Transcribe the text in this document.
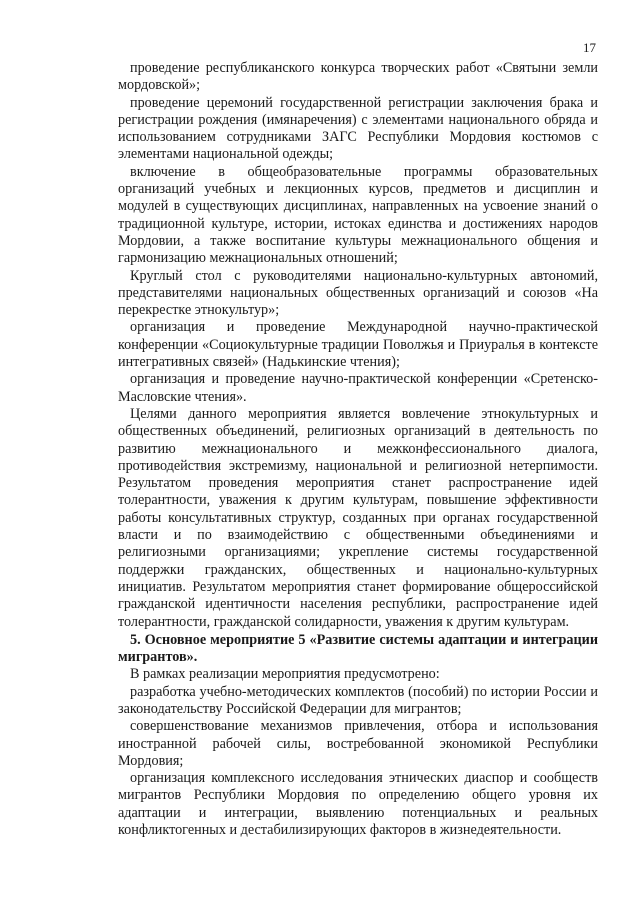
17

проведение республиканского конкурса творческих работ «Святыни земли мордовской»;

проведение церемоний государственной регистрации заключения брака и регистрации рождения (имянаречения) с элементами национального обряда и использованием сотрудниками ЗАГС Республики Мордовия костюмов с элементами национальной одежды;

включение в общеобразовательные программы образовательных организаций учебных и лекционных курсов, предметов и дисциплин и модулей в существующих дисциплинах, направленных на усвоение знаний о традиционной культуре, истории, истоках единства и достижениях народов Мордовии, а также воспитание культуры межнационального общения и гармонизацию межнациональных отношений;

Круглый стол с руководителями национально-культурных автономий, представителями национальных общественных организаций и союзов «На перекрестке этнокультур»;

организация и проведение Международной научно-практической конференции «Социокультурные традиции Поволжья и Приуралья в контексте интегративных связей» (Надькинские чтения);

организация и проведение научно-практической конференции «Сретенско-Масловские чтения».

Целями данного мероприятия является вовлечение этнокультурных и общественных объединений, религиозных организаций в деятельность по развитию межнационального и межконфессионального диалога, противодействия экстремизму, национальной и религиозной нетерпимости. Результатом проведения мероприятия станет распространение идей толерантности, уважения к другим культурам, повышение эффективности работы консультативных структур, созданных при органах государственной власти и по взаимодействию с общественными объединениями и религиозными организациями; укрепление системы государственной поддержки гражданских, общественных и национально-культурных инициатив. Результатом мероприятия станет формирование общероссийской гражданской идентичности населения республики, распространение идей толерантности, гражданской солидарности, уважения к другим культурам.

5. Основное мероприятие 5 «Развитие системы адаптации и интеграции мигрантов».

В рамках реализации мероприятия предусмотрено:

разработка учебно-методических комплектов (пособий) по истории России и законодательству Российской Федерации для мигрантов;

совершенствование механизмов привлечения, отбора и использования иностранной рабочей силы, востребованной экономикой Республики Мордовия;

организация комплексного исследования этнических диаспор и сообществ мигрантов Республики Мордовия по определению общего уровня их адаптации и интеграции, выявлению потенциальных и реальных конфликтогенных и дестабилизирующих факторов в жизнедеятельности.
